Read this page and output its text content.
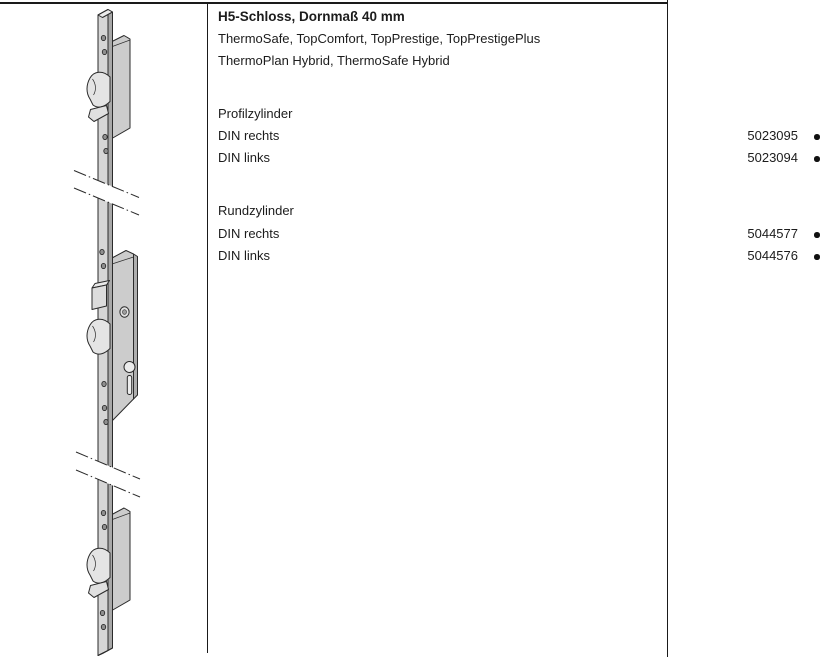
H5-Schloss, Dornmaß 40 mm
ThermoSafe, TopComfort, TopPrestige, TopPrestigePlus
ThermoPlan Hybrid, ThermoSafe Hybrid
Profilzylinder
DIN rechts
DIN links
Rundzylinder
DIN rechts
DIN links
5023095
5023094
5044577
5044576
